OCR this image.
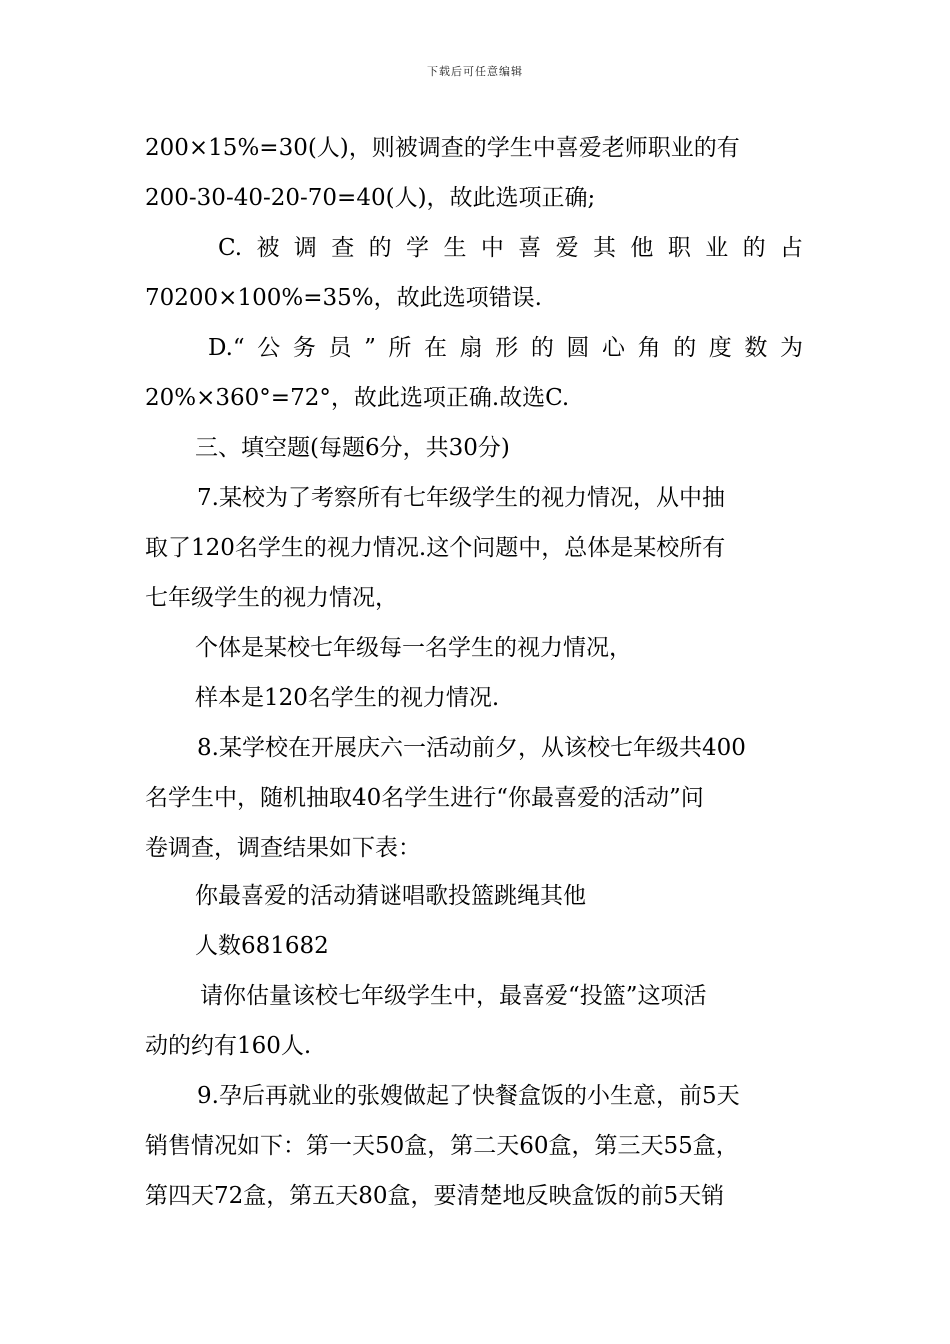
下载后可任意编辑
200×15%=30(人)，则被调查的学生中喜爱老师职业的有
200-30-40-20-70=40(人)，故此选项正确;
C.被调查的学生中喜爱其他职业的占
70200×100%=35%，故此选项错误.
D.“公务员”所在扇形的圆心角的度数为
20%×360°=72°，故此选项正确.故选C.
三、填空题(每题6分，共30分)
7.某校为了考察所有七年级学生的视力情况，从中抽
取了120名学生的视力情况.这个问题中，总体是某校所有
七年级学生的视力情况，
个体是某校七年级每一名学生的视力情况，
样本是120名学生的视力情况.
8.某学校在开展庆六一活动前夕，从该校七年级共400
名学生中，随机抽取40名学生进行“你最喜爱的活动”问
卷调查，调查结果如下表：
你最喜爱的活动猜谜唱歌投篮跳绳其他
人数681682
请你估量该校七年级学生中，最喜爱“投篮”这项活
动的约有160人.
9.孕后再就业的张嫂做起了快餐盒饭的小生意，前5天
销售情况如下：第一天50盒，第二天60盒，第三天55盒，
第四天72盒，第五天80盒，要清楚地反映盒饭的前5天销
